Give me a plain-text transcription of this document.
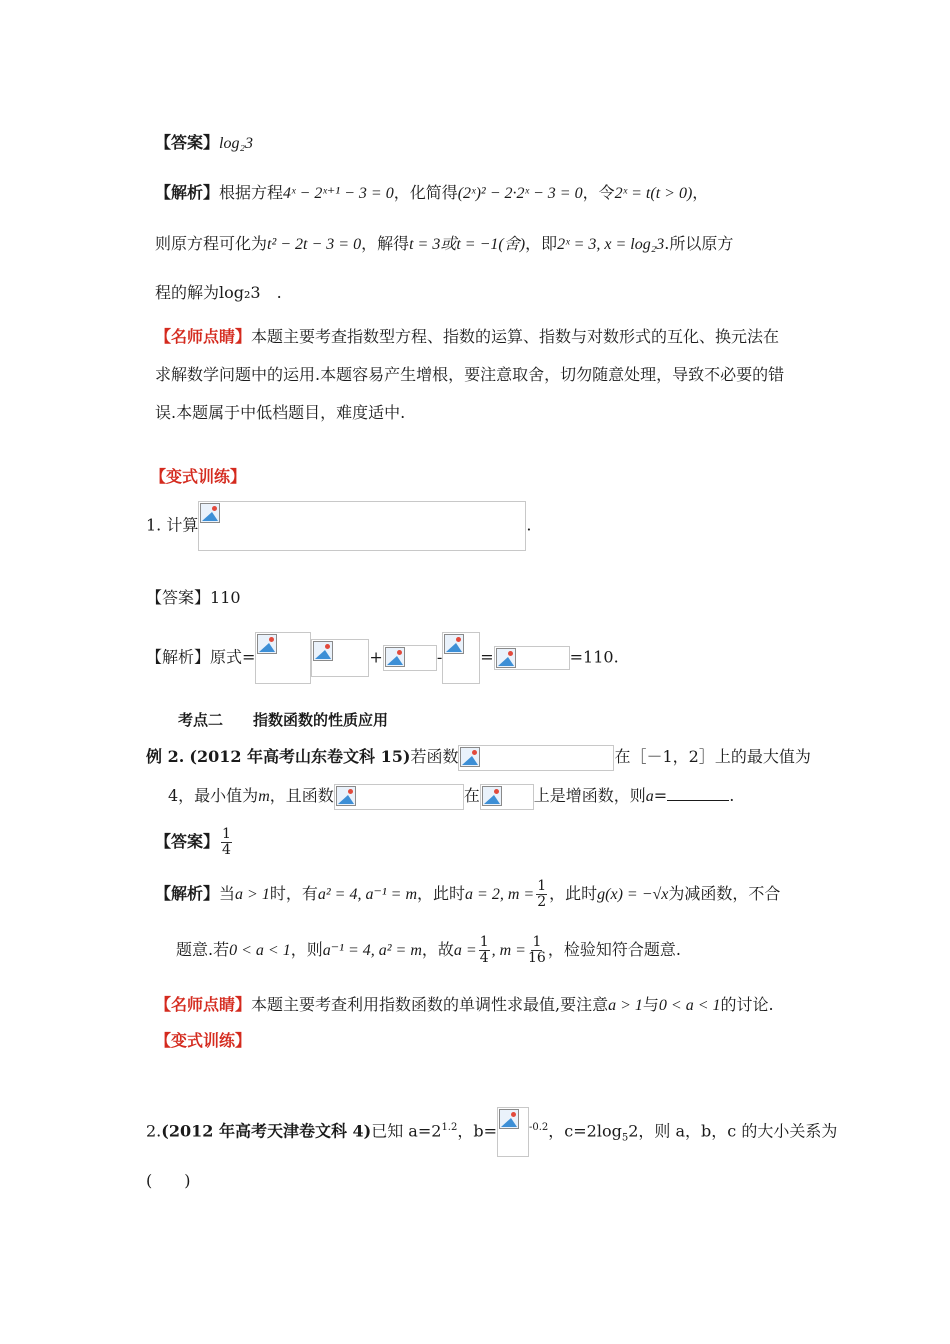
【答案】log₂3
【解析】根据方程4ˣ − 2ˣ⁺¹ − 3 = 0，化简得(2ˣ)² − 2·2ˣ − 3 = 0，令2ˣ = t(t > 0)，
则原方程可化为t² − 2t − 3 = 0，解得t = 3或t = −1(舍)，即2ˣ = 3, x = log₂3.所以原方
程的解为log₂3　.
【名师点睛】本题主要考查指数型方程、指数的运算、指数与对数形式的互化、换元法在
求解数学问题中的运用.本题容易产生增根，要注意取舍，切勿随意处理，导致不必要的错
误.本题属于中低档题目，难度适中.
【变式训练】
1. 计算	.
【答案】110
【解析】原式=	+	- =	=110.
考点二　　指数函数的性质应用
例 2. (2012 年高考山东卷文科 15)若函数	在［－1，2］上的最大值为
4，最小值为m，且函数	在	上是增函数，则a=	.
【答案】 $\frac{1}{4}$
【解析】当a > 1时，有a² = 4, a⁻¹ = m，此时a = 2, $m = \frac{1}{2}$ ，此时g(x) = −√x为减函数，不合
题意.若0 < a < 1，则a⁻¹ = 4, a² = m，故$a = \frac{1}{4}$ , $m = \frac{1}{16}$ ，检验知符合题意.
【名师点睛】本题主要考查利用指数函数的单调性求最值,要注意a > 1与0 < a < 1的讨论.
【变式训练】
2.(2012 年高考天津卷文科 4)已知 $a=2^{1.2}$，b=	$^{-0.2}$，$c=2\log_52$，则 a，b，c 的大小关系为
(　　)
